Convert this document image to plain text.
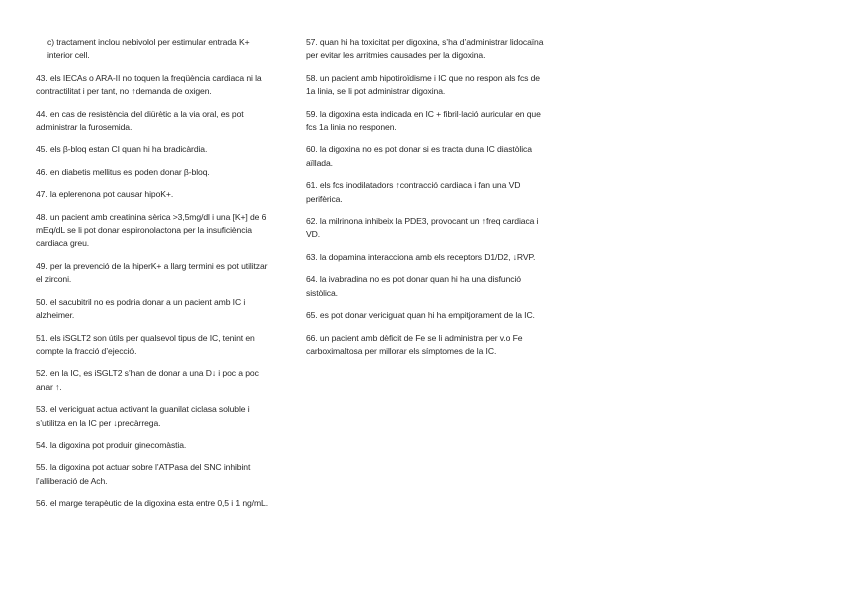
c) tractament inclou nebivolol per estimular entrada K+ interior cell.

43. els IECAs o ARA-II no toquen la freqüència cardiaca ni la contractilitat i per tant, no ↑demanda de oxigen.

44. en cas de resistència del diürètic a la via oral, es pot administrar la furosemida.

45. els β-bloq estan CI quan hi ha bradicàrdia.

46. en diabetis mellitus es poden donar β-bloq.

47. la eplerenona pot causar hipoK+.

48. un pacient amb creatinina sèrica >3,5mg/dl i una [K+] de 6 mEq/dL se li pot donar espironolactona per la insuficiència cardiaca greu.

49. per la prevenció de la hiperK+ a llarg termini es pot utilitzar el zirconi.

50. el sacubitril no es podria donar a un pacient amb IC i alzheimer.

51. els iSGLT2 son útils per qualsevol tipus de IC, tenint en compte la fracció d’ejecció.

52. en la IC, es iSGLT2 s’han de donar a una D↓ i poc a poc anar ↑.

53. el vericiguat actua activant la guanilat ciclasa soluble i s’utilitza en la IC per ↓precàrrega.

54. la digoxina pot produir ginecomàstia.

55. la digoxina pot actuar sobre l’ATPasa del SNC inhibint l’alliberació de Ach.

56. el marge terapèutic de la digoxina esta entre 0,5 i 1 ng/mL.

57. quan hi ha toxicitat per digoxina, s’ha d’administrar lidocaïna per evitar les arritmies causades per la digoxina.

58. un pacient amb hipotiroïdisme i IC que no respon als fcs de 1a linia, se li pot administrar digoxina.

59. la digoxina esta indicada en IC + fibril·lació auricular en que fcs 1a linia no responen.

60. la digoxina no es pot donar si es tracta duna IC diastòlica aïllada.

61. els fcs inodilatadors ↑contracció cardiaca i fan una VD perifèrica.

62. la milrinona inhibeix la PDE3, provocant un ↑freq cardiaca i VD.

63. la dopamina interacciona amb els receptors D1/D2, ↓RVP.

64. la ivabradina no es pot donar quan hi ha una disfunció sistòlica.

65. es pot donar vericiguat quan hi ha empitjorament de la IC.

66. un pacient amb dèficit de Fe se li administra per v.o Fe carboximaltosa per millorar els símptomes de la IC.
